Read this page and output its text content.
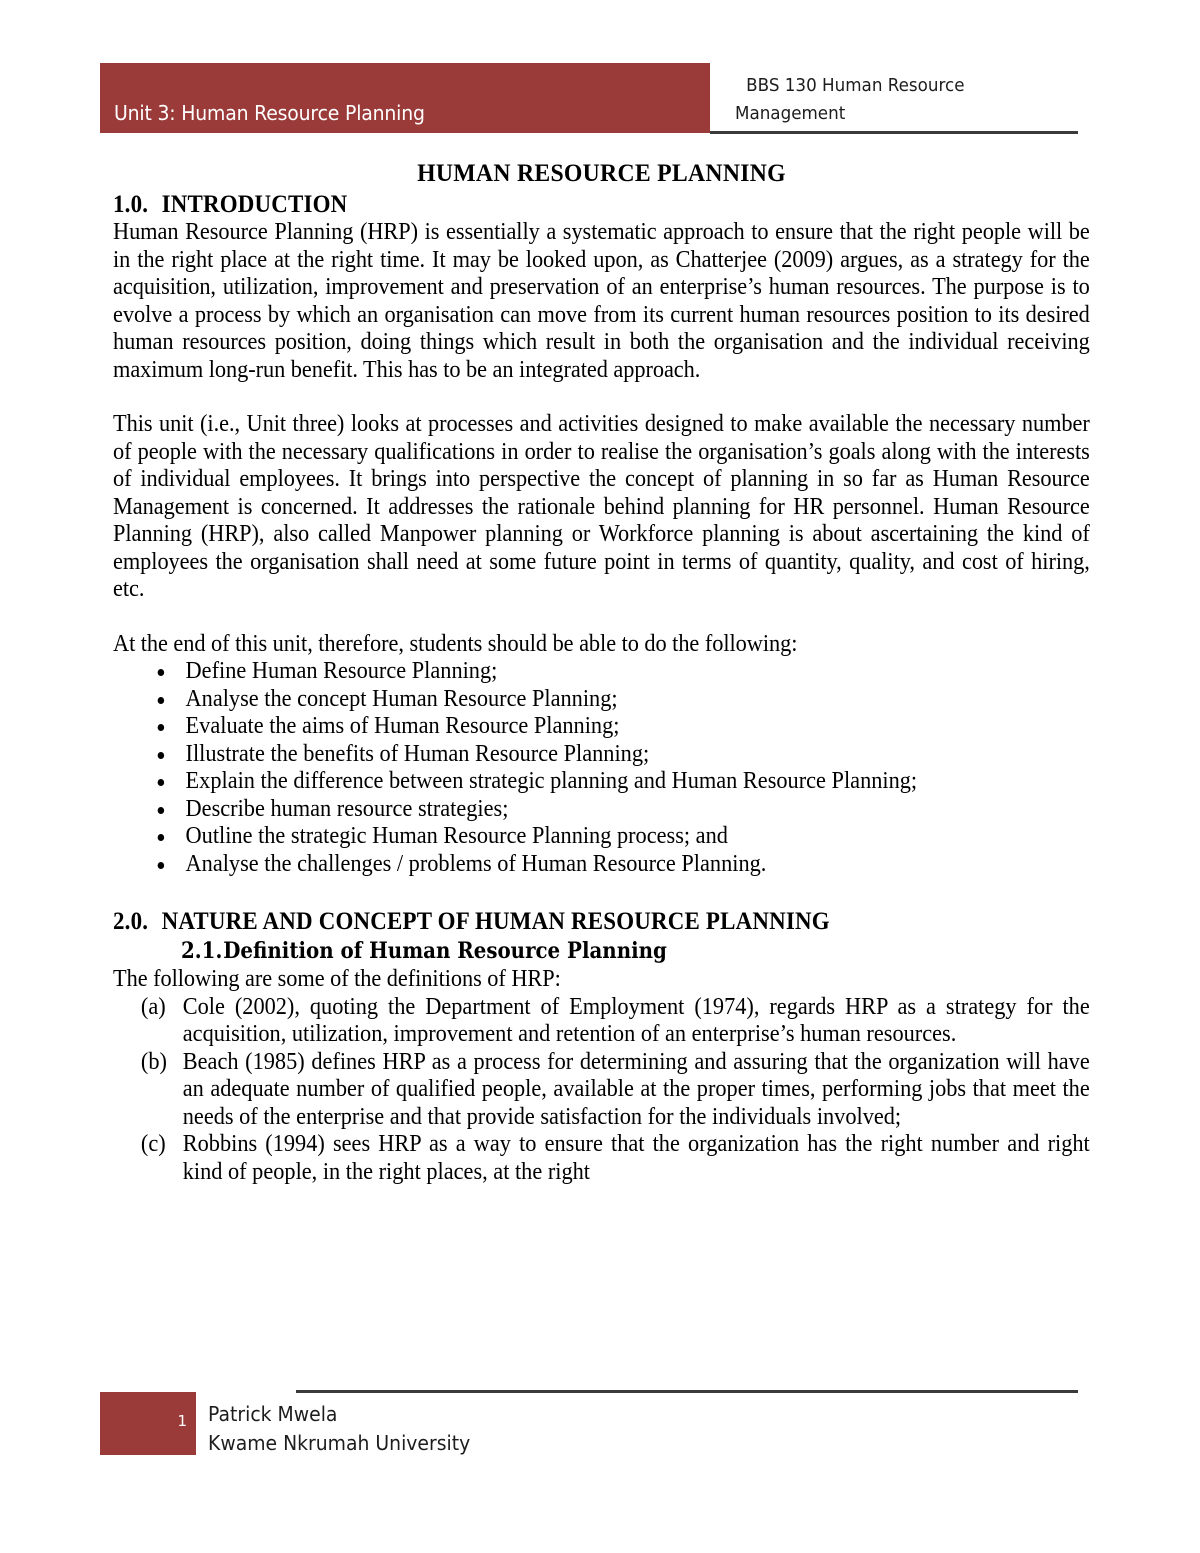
Unit 3: Human Resource Planning
BBS 130 Human Resource
Management
HUMAN RESOURCE PLANNING
1.0. INTRODUCTION

Human Resource Planning (HRP) is essentially a systematic approach to ensure that the right people will be in the right place at the right time. It may be looked upon, as Chatterjee (2009) argues, as a strategy for the acquisition, utilization, improvement and preservation of an enterprise’s human resources. The purpose is to evolve a process by which an organisation can move from its current human resources position to its desired human resources position, doing things which result in both the organisation and the individual receiving maximum long-run benefit. This has to be an integrated approach.

This unit (i.e., Unit three) looks at processes and activities designed to make available the necessary number of people with the necessary qualifications in order to realise the organisation’s goals along with the interests of individual employees. It brings into perspective the concept of planning in so far as Human Resource Management is concerned. It addresses the rationale behind planning for HR personnel. Human Resource Planning (HRP), also called Manpower planning or Workforce planning is about ascertaining the kind of employees the organisation shall need at some future point in terms of quantity, quality, and cost of hiring, etc.

At the end of this unit, therefore, students should be able to do the following:

Define Human Resource Planning;
Analyse the concept Human Resource Planning;
Evaluate the aims of Human Resource Planning;
Illustrate the benefits of Human Resource Planning;
Explain the difference between strategic planning and Human Resource Planning;
Describe human resource strategies;
Outline the strategic Human Resource Planning process; and
Analyse the challenges / problems of Human Resource Planning.
2.0. NATURE AND CONCEPT OF HUMAN RESOURCE PLANNING
2.1.Definition of Human Resource Planning

The following are some of the definitions of HRP:

(a) Cole (2002), quoting the Department of Employment (1974), regards HRP as a strategy for the acquisition, utilization, improvement and retention of an enterprise’s human resources.
(b) Beach (1985) defines HRP as a process for determining and assuring that the organization will have an adequate number of qualified people, available at the proper times, performing jobs that meet the needs of the enterprise and that provide satisfaction for the individuals involved;
(c) Robbins (1994) sees HRP as a way to ensure that the organization has the right number and right kind of people, in the right places, at the right
1 Patrick Mwela
Kwame Nkrumah University
